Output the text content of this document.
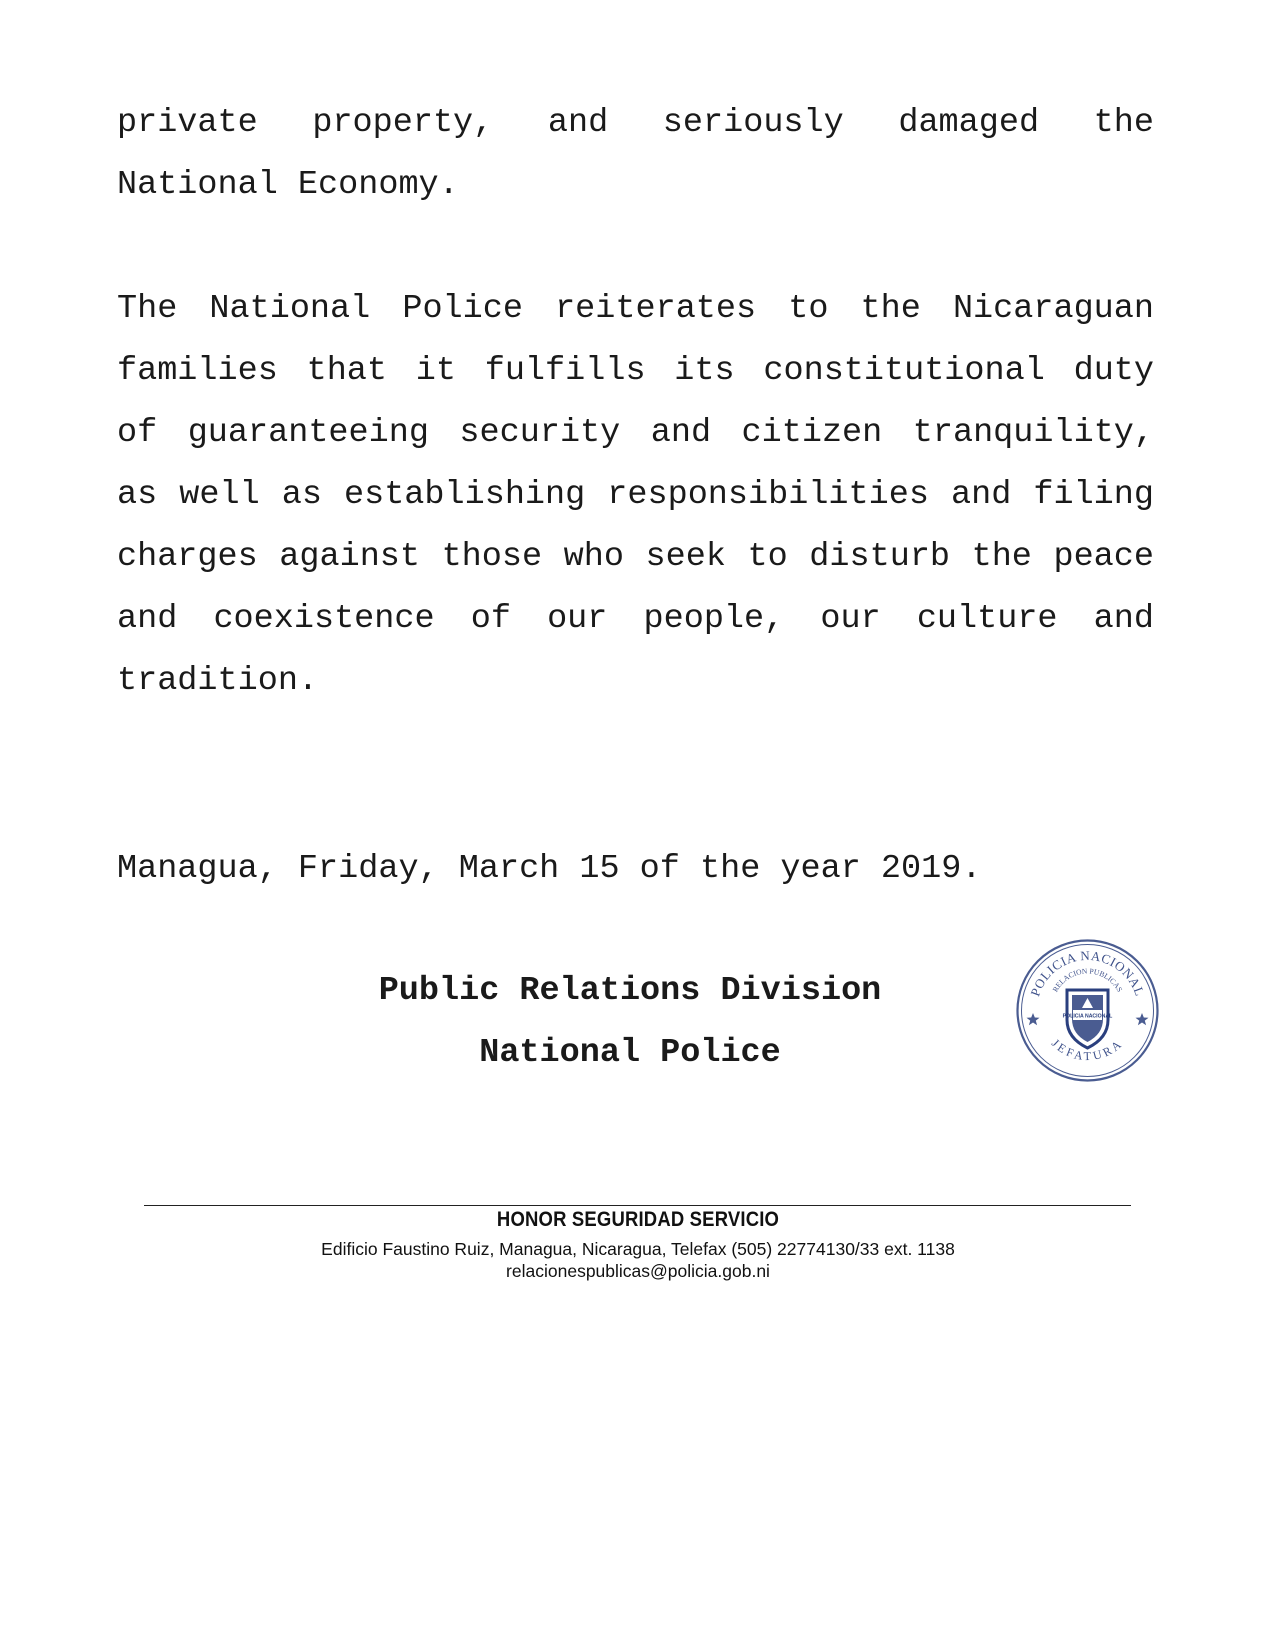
private property, and seriously damaged the National Economy.

The National Police reiterates to the Nicaraguan families that it fulfills its constitutional duty of guaranteeing security and citizen tranquility, as well as establishing responsibilities and filing charges against those who seek to disturb the peace and coexistence of our people, our culture and tradition.

Managua, Friday, March 15 of the year 2019.

Public Relations Division

National Police

POLICIA NACIONAL
RELACION PUBLICAS
JEFATURA
POLICIA NACIONAL

HONOR SEGURIDAD SERVICIO

Edificio Faustino Ruiz, Managua, Nicaragua, Telefax (505) 22774130/33 ext. 1138

relacionespublicas@policia.gob.ni
